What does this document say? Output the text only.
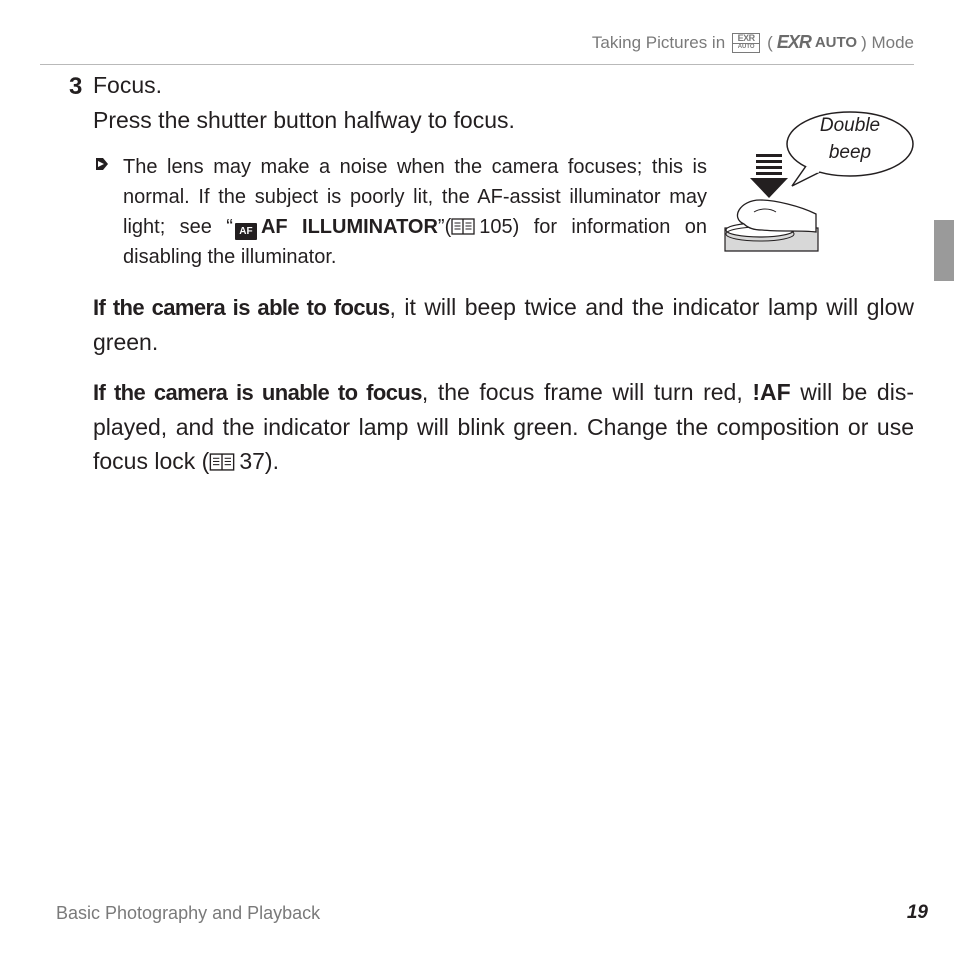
Taking Pictures in EXR
AUTO ( EXR AUTO ) Mode
3 Focus.
Press the shutter button halfway to focus.
The lens may make a noise when the camera focuses; this is normal. If the subject is poorly lit, the AF-assist illuminator may light; see “ AF AF ILLUMINATOR”( 105) for information on disabling the illuminator.
Double
beep
If the camera is able to focus, it will beep twice and the indicator lamp will glow green.
If the camera is unable to focus, the focus frame will turn red, !AF will be dis-played, and the indicator lamp will blink green. Change the composition or use focus lock ( 37).
Basic Photography and Playback	19
